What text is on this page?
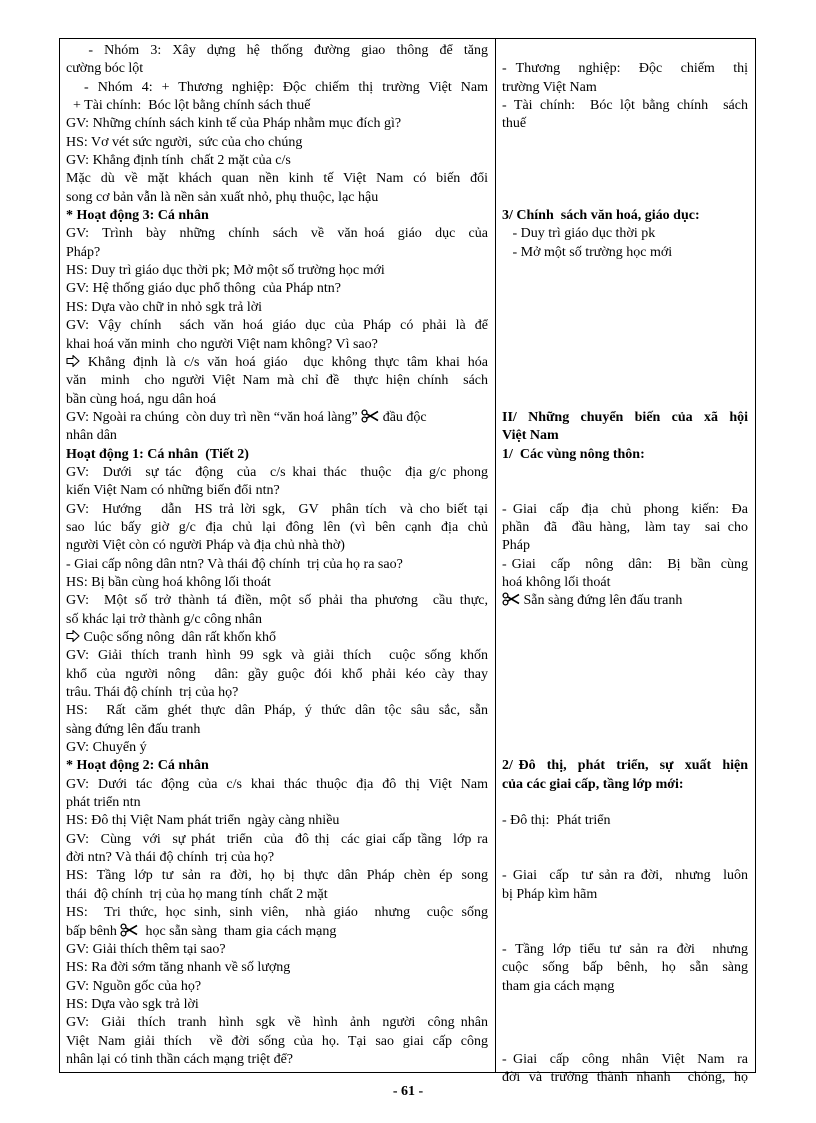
- Nhóm 3: Xây dựng hệ thống đường giao thông để tăng
cường bóc lột
- Nhóm 4: + Thương nghiệp: Độc chiếm thị trường Việt Nam
+ Tài chính:  Bóc lột bằng chính sách thuế
GV: Những chính sách kinh tế của Pháp nhằm mục đích gì?
HS: Vơ vét sức người,  sức của cho chúng
GV: Khẳng định tính  chất 2 mặt của c/s
Mặc dù về mặt khách quan nền kinh tế Việt Nam có biến đổi
song cơ bản vẫn là nền sản xuất nhỏ, phụ thuộc, lạc hậu
* Hoạt động 3: Cá nhân
GV:  Trình  bày  những  chính  sách  về  văn hoá  giáo  dục  của
Pháp?
HS: Duy trì giáo dục thời pk; Mở một số trường học mới
GV: Hệ thống giáo dục phổ thông  của Pháp ntn?
HS: Dựa vào chữ in nhỏ sgk trả lời
GV: Vậy chính  sách văn hoá giáo dục của Pháp có phải là để
khai hoá văn minh  cho người Việt nam không? Vì sao?
Khẳng định là c/s văn hoá giáo  dục không thực tâm khai hóa
văn  minh  cho người Việt Nam mà chỉ đề  thực hiện chính  sách
bần cùng hoá, ngu dân hoá
GV: Ngoài ra chúng  còn duy trì nền “văn hoá làng”  đầu độc
nhân dân
Hoạt động 1: Cá nhân  (Tiết 2)
GV:  Dưới  sự tác  động  của  c/s khai thác  thuộc  địa g/c phong
kiến Việt Nam có những biến đổi ntn?
GV:  Hướng   dẫn  HS trả lời sgk,  GV  phân tích  và cho biết tại
sao lúc bấy giờ g/c địa chủ lại đông lên (vì bên cạnh địa chủ
người Việt còn có người Pháp và địa chủ nhà thờ)
- Giai cấp nông dân ntn? Và thái độ chính  trị của họ ra sao?
HS: Bị bần cùng hoá không lối thoát
GV:  Một số trở thành tá điền, một số phải tha phương  cầu thực,
số khác lại trở thành g/c công nhân
Cuộc sống nông  dân rất khốn khổ
GV: Giải thích tranh hình 99 sgk và giải thích  cuộc sống khốn
khổ của người nông  dân: gầy guộc đói khổ phải kéo cày thay
trâu. Thái độ chính  trị của họ?
HS:  Rất căm ghét thực dân Pháp, ý thức dân tộc sâu sắc, sẵn
sàng đứng lên đấu tranh
GV: Chuyển ý
* Hoạt động 2: Cá nhân
GV: Dưới tác động của c/s khai thác thuộc địa đô thị Việt Nam
phát triển ntn
HS: Đô thị Việt Nam phát triển  ngày càng nhiều
GV:  Cùng  với  sự phát  triển  của  đô thị  các giai cấp tầng  lớp ra
đời ntn? Và thái độ chính  trị của họ?
HS: Tầng lớp tư sản ra đời, họ bị thực dân Pháp chèn ép song
thái  độ chính  trị của họ mang tính  chất 2 mặt
HS:  Tri thức, học sinh, sinh viên,  nhà giáo  nhưng  cuộc sống
bấp bênh   học sẵn sàng  tham gia cách mạng
GV: Giải thích thêm tại sao?
HS: Ra đời sớm tăng nhanh về số lượng
GV: Nguồn gốc của họ?
HS: Dựa vào sgk trả lời
GV:  Giải  thích  tranh  hình  sgk  về  hình  ảnh  người  công nhân
Việt Nam giải thích  về đời sống của họ. Tại sao giai cấp công
nhân lại có tinh thần cách mạng triệt để?
- Thương  nghiệp:  Độc  chiếm  thị
trường Việt Nam
- Tài chính:  Bóc lột bằng chính  sách
thuế
3/ Chính  sách văn hoá, giáo dục:
- Duy trì giáo dục thời pk
- Mở một số trường học mới
II/  Những  chuyển  biến  của  xã  hội
Việt Nam
1/  Các vùng nông thôn:
- Giai  cấp  địa  chủ  phong  kiến:  Đa
phần  đã  đầu hàng,  làm tay  sai cho
Pháp
- Giai   cấp   nông   dân:   Bị  bần  cùng
hoá không lối thoát
Sẵn sàng đứng lên đấu tranh
2/ Đô  thị,  phát  triển,  sự  xuất  hiện
của các giai cấp, tầng lớp mới:
- Đô thị:  Phát triển
- Giai  cấp  tư sản ra đời,  nhưng  luôn
bị Pháp kìm hãm
- Tầng lớp tiểu tư sản ra đời  nhưng
cuộc  sống  bấp  bênh,  họ  sẵn  sàng
tham gia cách mạng
- Giai  cấp  công  nhân  Việt  Nam  ra
đời và trưởng thành nhanh  chóng, họ
- 61 -
